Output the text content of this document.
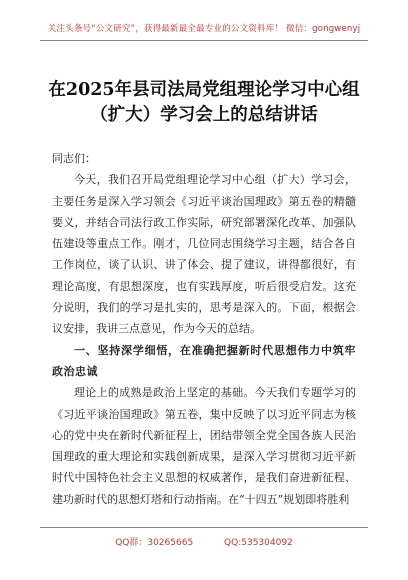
关注头条号“公文研究”，获得最新最全最专业的公文资料库！ 微信：gongwenyj
在2025年县司法局党组理论学习中心组
（扩大）学习会上的总结讲话

同志们：

今天，我们召开局党组理论学习中心组（扩大）学习会，主要任务是深入学习领会《习近平谈治国理政》第五卷的精髓要义，并结合司法行政工作实际，研究部署深化改革、加强队伍建设等重点工作。刚才，几位同志围绕学习主题，结合各自工作岗位，谈了认识、讲了体会、提了建议，讲得都很好，有理论高度，有思想深度，也有实践厚度，听后很受启发。这充分说明，我们的学习是扎实的，思考是深入的。下面，根据会议安排，我讲三点意见，作为今天的总结。

一、坚持深学细悟，在准确把握新时代思想伟力中筑牢政治忠诚

理论上的成熟是政治上坚定的基础。今天我们专题学习的《习近平谈治国理政》第五卷，集中反映了以习近平同志为核心的党中央在新时代新征程上，团结带领全党全国各族人民治国理政的重大理论和实践创新成果，是深入学习贯彻习近平新时代中国特色社会主义思想的权威著作，是我们奋进新征程、建功新时代的思想灯塔和行动指南。在“十四五”规划即将胜利

QQ群：30265665	QQ:535304092
